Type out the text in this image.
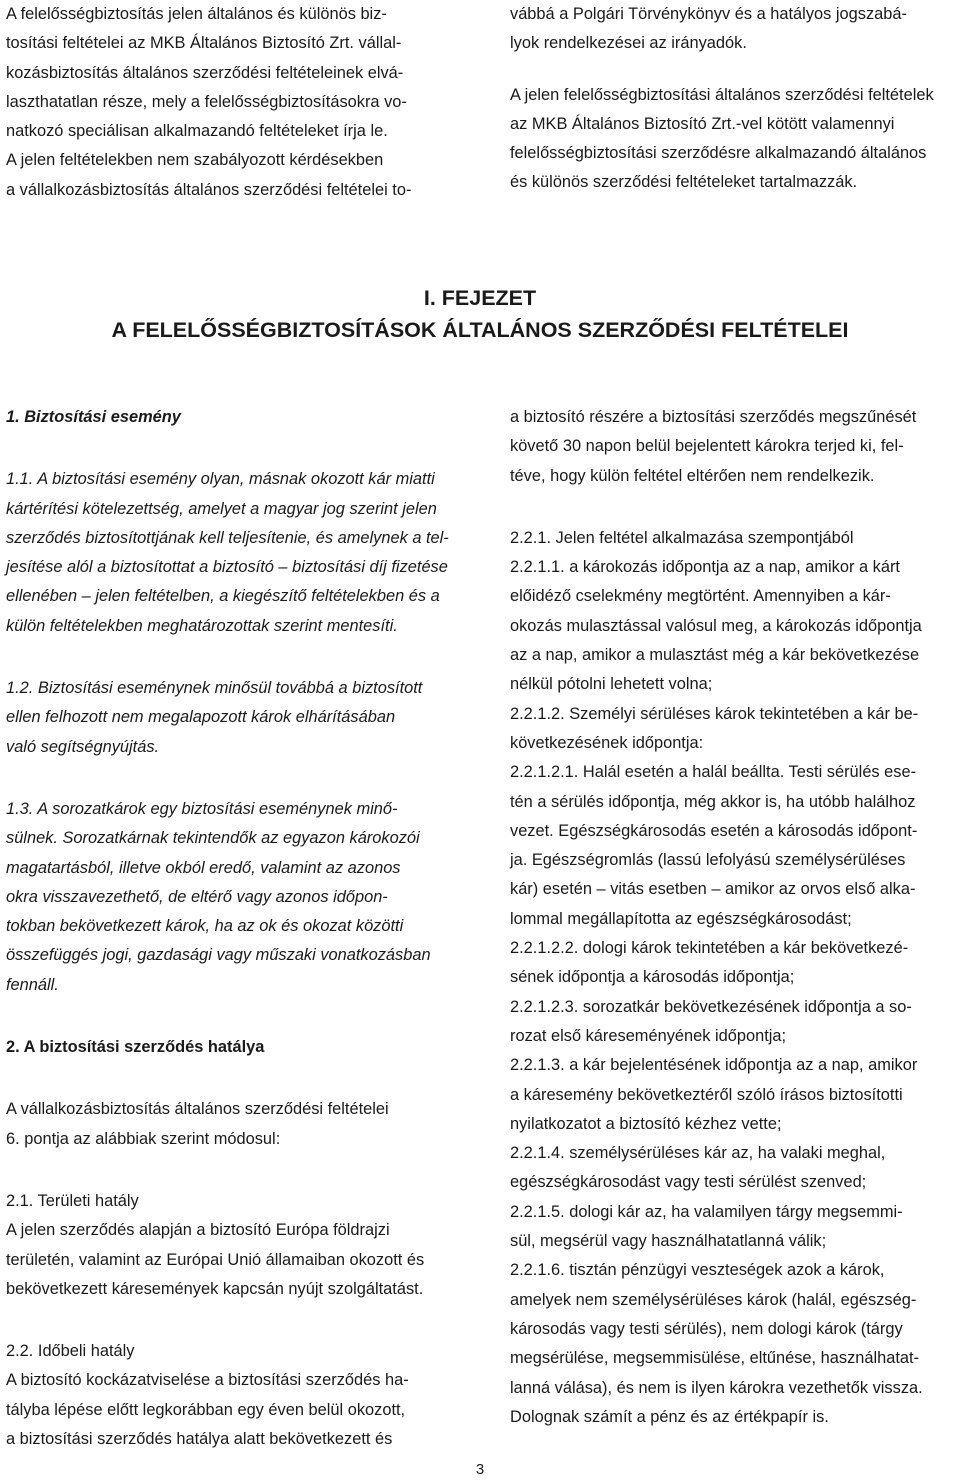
A felelősségbiztosítás jelen általános és különös biz-
tosítási feltételei az MKB Általános Biztosító Zrt. vállal-
kozásbiztosítás általános szerződési feltételeinek elvá-
laszthatatlan része, mely a felelősségbiztosításokra vo-
natkozó speciálisan alkalmazandó feltételeket írja le.
A jelen feltételekben nem szabályozott kérdésekben
a vállalkozásbiztosítás általános szerződési feltételei to-

vábbá a Polgári Törvénykönyv és a hatályos jogszabá-
lyok rendelkezései az irányadók.

A jelen felelősségbiztosítási általános szerződési feltételek
az MKB Általános Biztosító Zrt.-vel kötött valamennyi
felelősségbiztosítási szerződésre alkalmazandó általános
és különös szerződési feltételeket tartalmazzák.

I. FEJEZET
A FELELŐSSÉGBIZTOSÍTÁSOK ÁLTALÁNOS SZERZŐDÉSI FELTÉTELEI

1. Biztosítási esemény

1.1. A biztosítási esemény olyan, másnak okozott kár miatti
kártérítési kötelezettség, amelyet a magyar jog szerint jelen
szerződés biztosítottjának kell teljesítenie, és amelynek a tel-
jesítése alól a biztosítottat a biztosító – biztosítási díj fizetése
ellenében – jelen feltételben, a kiegészítő feltételekben és a
külön feltételekben meghatározottak szerint mentesíti.

1.2. Biztosítási eseménynek minősül továbbá a biztosított
ellen felhozott nem megalapozott károk elhárításában
való segítségnyújtás.

1.3. A sorozatkárok egy biztosítási eseménynek minő-
sülnek. Sorozatkárnak tekintendők az egyazon károkozói
magatartásból, illetve okból eredő, valamint az azonos
okra visszavezethető, de eltérő vagy azonos időpon-
tokban bekövetkezett károk, ha az ok és okozat közötti
összefüggés jogi, gazdasági vagy műszaki vonatkozásban
fennáll.

2. A biztosítási szerződés hatálya

A vállalkozásbiztosítás általános szerződési feltételei
6. pontja az alábbiak szerint módosul:

2.1. Területi hatály
A jelen szerződés alapján a biztosító Európa földrajzi
területén, valamint az Európai Unió államaiban okozott és
bekövetkezett káresemények kapcsán nyújt szolgáltatást.

2.2. Időbeli hatály
A biztosító kockázatviselése a biztosítási szerződés ha-
tályba lépése előtt legkorábban egy éven belül okozott,
a biztosítási szerződés hatálya alatt bekövetkezett és

a biztosító részére a biztosítási szerződés megszűnését
követő 30 napon belül bejelentett károkra terjed ki, fel-
téve, hogy külön feltétel eltérően nem rendelkezik.

2.2.1. Jelen feltétel alkalmazása szempontjából
2.2.1.1. a károkozás időpontja az a nap, amikor a kárt
előidéző cselekmény megtörtént. Amennyiben a kár-
okozás mulasztással valósul meg, a károkozás időpontja
az a nap, amikor a mulasztást még a kár bekövetkezése
nélkül pótolni lehetett volna;
2.2.1.2. Személyi sérüléses károk tekintetében a kár be-
következésének időpontja:
2.2.1.2.1. Halál esetén a halál beállta. Testi sérülés ese-
tén a sérülés időpontja, még akkor is, ha utóbb halálhoz
vezet. Egészségkárosodás esetén a károsodás időpont-
ja. Egészségromlás (lassú lefolyású személysérüléses
kár) esetén – vitás esetben – amikor az orvos első alka-
lommal megállapította az egészségkárosodást;
2.2.1.2.2. dologi károk tekintetében a kár bekövetkezé-
sének időpontja a károsodás időpontja;
2.2.1.2.3. sorozatkár bekövetkezésének időpontja a so-
rozat első káreseményének időpontja;
2.2.1.3. a kár bejelentésének időpontja az a nap, amikor
a káresemény bekövetkeztéről szóló írásos biztosítotti
nyilatkozatot a biztosító kézhez vette;
2.2.1.4. személysérüléses kár az, ha valaki meghal,
egészségkárosodást vagy testi sérülést szenved;
2.2.1.5. dologi kár az, ha valamilyen tárgy megsemmi-
sül, megsérül vagy használhatatlanná válik;
2.2.1.6. tisztán pénzügyi veszteségek azok a károk,
amelyek nem személysérüléses károk (halál, egészség-
károsodás vagy testi sérülés), nem dologi károk (tárgy
megsérülése, megsemmisülése, eltűnése, használhatat-
lanná válása), és nem is ilyen károkra vezethetők vissza.
Dolognak számít a pénz és az értékpapír is.

3
